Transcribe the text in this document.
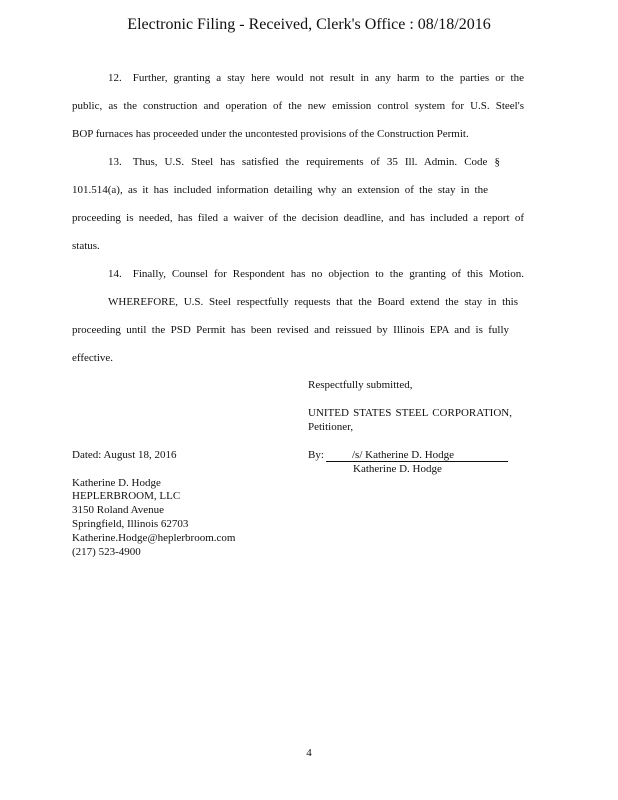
Electronic Filing - Received, Clerk's Office : 08/18/2016
12. Further, granting a stay here would not result in any harm to the parties or the
public, as the construction and operation of the new emission control system for U.S. Steel's
BOP furnaces has proceeded under the uncontested provisions of the Construction Permit.
13. Thus, U.S. Steel has satisfied the requirements of 35 Ill. Admin. Code §
101.514(a), as it has included information detailing why an extension of the stay in the
proceeding is needed, has filed a waiver of the decision deadline, and has included a report of
status.
14. Finally, Counsel for Respondent has no objection to the granting of this Motion.
WHEREFORE, U.S. Steel respectfully requests that the Board extend the stay in this
proceeding until the PSD Permit has been revised and reissued by Illinois EPA and is fully
effective.
Respectfully submitted,
UNITED STATES STEEL CORPORATION,
Petitioner,
Dated: August 18, 2016	By:	/s/ Katherine D. Hodge
Katherine D. Hodge
Katherine D. Hodge
HEPLERBROOM, LLC
3150 Roland Avenue
Springfield, Illinois 62703
Katherine.Hodge@heplerbroom.com
(217) 523-4900
4
